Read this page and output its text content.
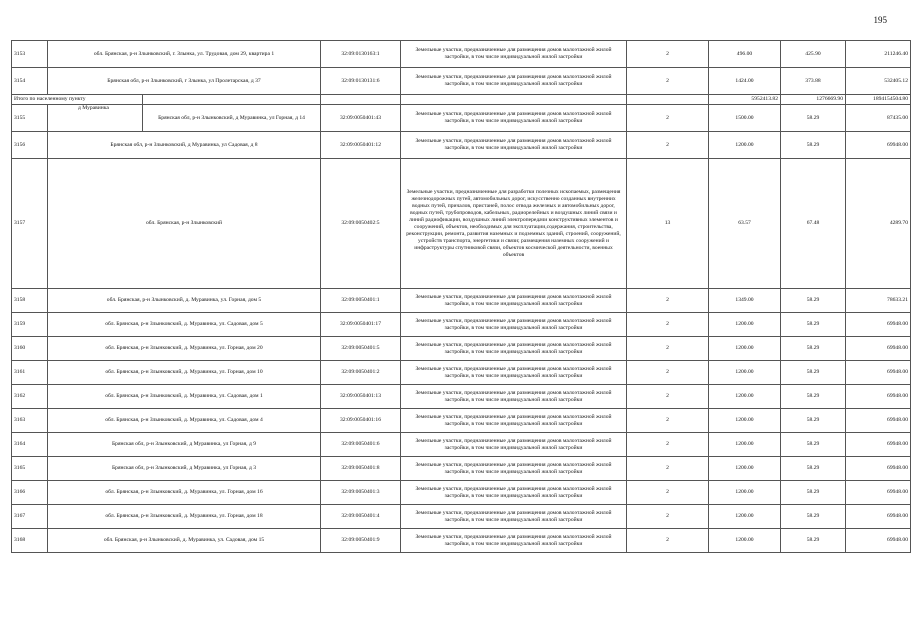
195
3153	обл. Брянская, р-н Злынковский, г. Злынка, ул. Трудовая, дом 29, квартира 1		32:09:0130163:1	Земельные участки, предназначенные для размещения домов малоэтажной жилой застройки, в том числе индивидуальной жилой застройки	2	496.00	425.90	211246.40
3154	Брянская обл, р-н Злынковский, г Злынка, ул Пролетарская, д 37		32:09:0130131:6	Земельные участки, предназначенные для размещения домов малоэтажной жилой застройки, в том числе индивидуальной жилой застройки	2	1424.00	373.88	532405.12
Итого по населенному пункту						5952413.82	1276669.90	1894154504.80
3155	д Муравинка	Брянская обл, р-н Злынковский, д Муравинка, ул Горная, д 14	32:09:0050401:43	Земельные участки, предназначенные для размещения домов малоэтажной жилой застройки, в том числе индивидуальной жилой застройки	2	1500.00	58.29	87435.00
3156	Брянская обл, р-н Злынковский, д Муравинка, ул Садовая, д 8		32:09:0050401:12	Земельные участки, предназначенные для размещения домов малоэтажной жилой застройки, в том числе индивидуальной жилой застройки	2	1200.00	58.29	69948.00
3157	обл. Брянская, р-н Злынковский		32:09:0050402:5	Земельные участки, предназначенные для разработки полезных ископаемых, размещения железнодорожных путей, автомобильных дорог, искусственно созданных внутренних водных путей, причалов, пристаней, полос отвода железных и автомобильных дорог, водных путей, трубопроводов, кабельных, радиорелейных и воздушных линий связи и линий радиофикации, воздушных линий электропередачи конструктивных элементов и сооружений, объектов, необходимых для эксплуатации,содержания, строительства, реконструкции, ремонта, развития наземных и подземных зданий, строений, сооружений, устройств транспорта, энергетики и связи; размещения наземных сооружений и инфраструктуры спутниковой связи, объектов космической деятельности, военных объектов	13	63.57	67.48	4289.70
3158	обл. Брянская, р-н Злынковский, д. Муравинка, ул. Горная, дом 5		32:09:0050401:1	Земельные участки, предназначенные для размещения домов малоэтажной жилой застройки, в том числе индивидуальной жилой застройки	2	1349.00	58.29	78633.21
3159	обл. Брянская, р-н Злынковский, д. Муравинка, ул. Садовая, дом 5		32:09:0050401:17	Земельные участки, предназначенные для размещения домов малоэтажной жилой застройки, в том числе индивидуальной жилой застройки	2	1200.00	58.29	69948.00
3160	обл. Брянская, р-н Злынковский, д. Муравинка, ул. Горная, дом 20		32:09:0050401:5	Земельные участки, предназначенные для размещения домов малоэтажной жилой застройки, в том числе индивидуальной жилой застройки	2	1200.00	58.29	69948.00
3161	обл. Брянская, р-н Злынковский, д. Муравинка, ул. Горная, дом 10		32:09:0050401:2	Земельные участки, предназначенные для размещения домов малоэтажной жилой застройки, в том числе индивидуальной жилой застройки	2	1200.00	58.29	69948.00
3162	обл. Брянская, р-н Злынковский, д. Муравинка, ул. Садовая, дом 1		32:09:0050401:13	Земельные участки, предназначенные для размещения домов малоэтажной жилой застройки, в том числе индивидуальной жилой застройки	2	1200.00	58.29	69948.00
3163	обл. Брянская, р-н Злынковский, д. Муравинка, ул. Садовая, дом 4		32:09:0050401:16	Земельные участки, предназначенные для размещения домов малоэтажной жилой застройки, в том числе индивидуальной жилой застройки	2	1200.00	58.29	69948.00
3164	Брянская обл, р-н Злынковский, д Муравинка, ул Горная, д 9		32:09:0050401:6	Земельные участки, предназначенные для размещения домов малоэтажной жилой застройки, в том числе индивидуальной жилой застройки	2	1200.00	58.29	69948.00
3165	Брянская обл, р-н Злынковский, д Муравинка, ул Горная, д 3		32:09:0050401:8	Земельные участки, предназначенные для размещения домов малоэтажной жилой застройки, в том числе индивидуальной жилой застройки	2	1200.00	58.29	69948.00
3166	обл. Брянская, р-н Злынковский, д. Муравинка, ул. Горная, дом 16		32:09:0050401:3	Земельные участки, предназначенные для размещения домов малоэтажной жилой застройки, в том числе индивидуальной жилой застройки	2	1200.00	58.29	69948.00
3167	обл. Брянская, р-н Злынковский, д. Муравинка, ул. Горная, дом 18		32:09:0050401:4	Земельные участки, предназначенные для размещения домов малоэтажной жилой застройки, в том числе индивидуальной жилой застройки	2	1200.00	58.29	69948.00
3168	обл. Брянская, р-н Злынковский, д. Муравинка, ул. Садовая, дом 15		32:09:0050401:9	Земельные участки, предназначенные для размещения домов малоэтажной жилой застройки, в том числе индивидуальной жилой застройки	2	1200.00	58.29	69948.00
